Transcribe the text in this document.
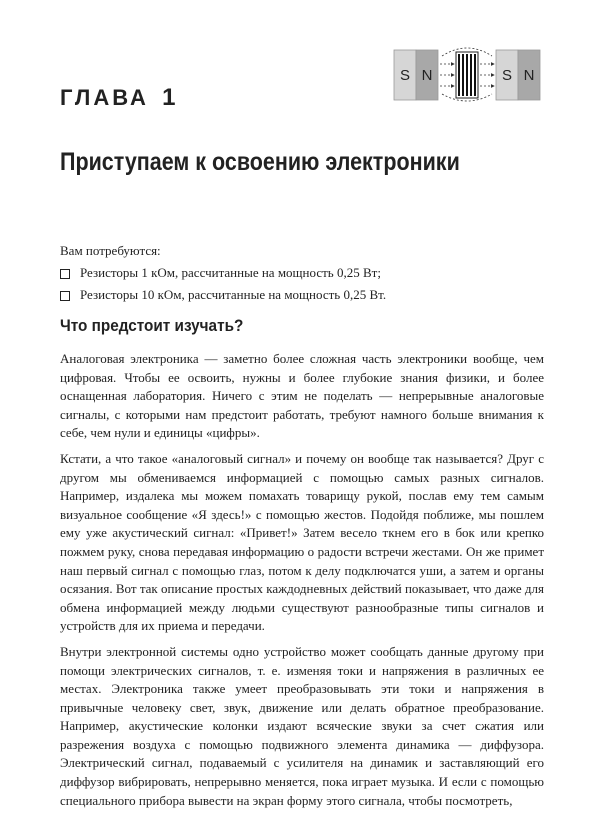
ГЛАВА 1
S N	S N
Приступаем к освоению электроники
Вам потребуются:
Резисторы 1 кОм, рассчитанные на мощность 0,25 Вт;
Резисторы 10 кОм, рассчитанные на мощность 0,25 Вт.
Что предстоит изучать?

Аналоговая электроника — заметно более сложная часть электроники вообще, чем цифровая. Чтобы ее освоить, нужны и более глубокие знания физики, и более оснащенная лаборатория. Ничего с этим не поделать — непрерывные аналоговые сигналы, с которыми нам предстоит работать, требуют намного больше внимания к себе, чем нули и единицы «цифры».

Кстати, а что такое «аналоговый сигнал» и почему он вообще так называется? Друг с другом мы обмениваемся информацией с помощью самых разных сигналов. Например, издалека мы можем помахать товарищу рукой, послав ему тем самым визуальное сообщение «Я здесь!» с помощью жестов. Подойдя поближе, мы пошлем ему уже акустический сигнал: «Привет!» Затем весело ткнем его в бок или крепко пожмем руку, снова передавая информацию о радости встречи жестами. Он же примет наш первый сигнал с помощью глаз, потом к делу подключатся уши, а затем и органы осязания. Вот так описание простых каждодневных действий показывает, что даже для обмена информацией между людьми существуют разнообразные типы сигналов и устройств для их приема и передачи.

Внутри электронной системы одно устройство может сообщать данные другому при помощи электрических сигналов, т. е. изменяя токи и напряжения в различных ее местах. Электроника также умеет преобразовывать эти токи и напряжения в привычные человеку свет, звук, движение или делать обратное преобразование. Например, акустические колонки издают всяческие звуки за счет сжатия или разрежения воздуха с помощью подвижного элемента динамика — диффузора. Электрический сигнал, подаваемый с усилителя на динамик и заставляющий его диффузор вибрировать, непрерывно меняется, пока играет музыка. И если с помощью специального прибора вывести на экран форму этого сигнала, чтобы посмотреть,
